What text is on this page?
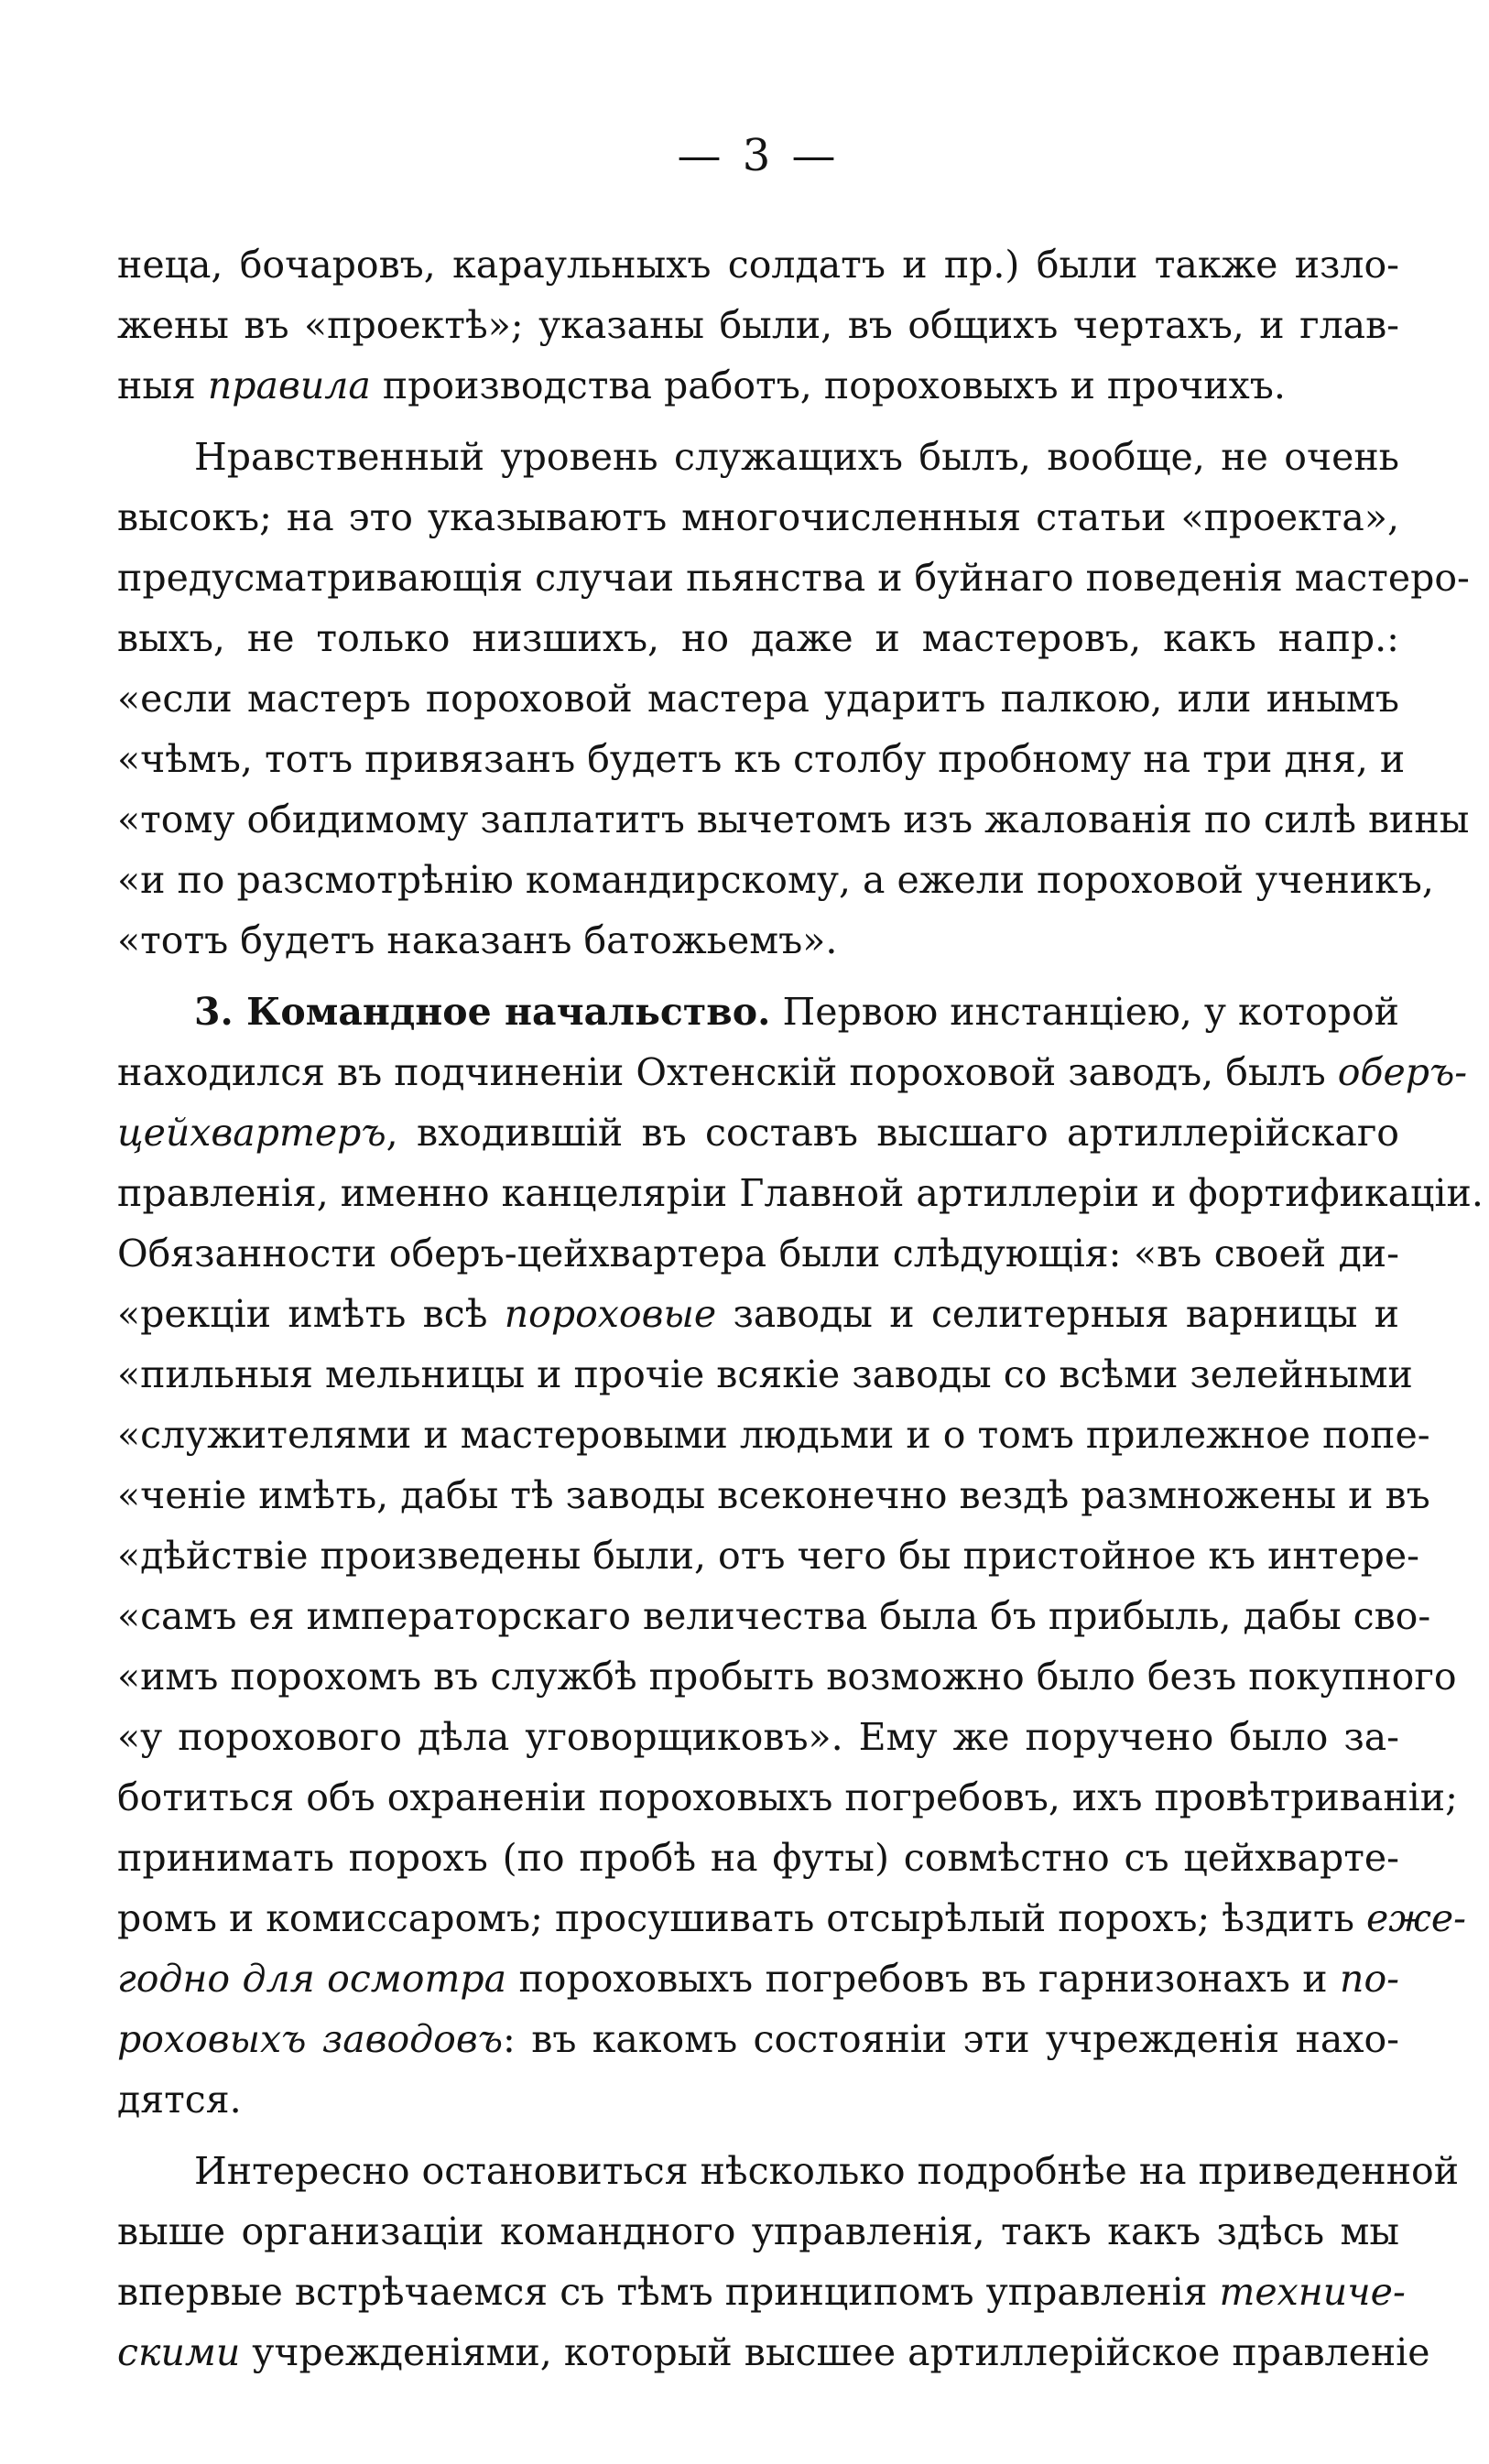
— 3 —
неца, бочаровъ, караульныхъ солдатъ и пр.) были также изло-
жены въ «проектѣ»; указаны были, въ общихъ чертахъ, и глав-
ныя правила производства работъ, пороховыхъ и прочихъ.
Нравственный уровень служащихъ былъ, вообще, не очень
высокъ; на это указываютъ многочисленныя статьи «проекта»,
предусматривающія случаи пьянства и буйнаго поведенія мастеро-
выхъ, не только низшихъ, но даже и мастеровъ, какъ напр.:
«если мастеръ пороховой мастера ударитъ палкою, или инымъ
«чѣмъ, тотъ привязанъ будетъ къ столбу пробному на три дня, и
«тому обидимому заплатитъ вычетомъ изъ жалованія по силѣ вины
«и по разсмотрѣнію командирскому, а ежели пороховой ученикъ,
«тотъ будетъ наказанъ батожьемъ».
3. Командное начальство. Первою инстанціею, у которой
находился въ подчиненіи Охтенскій пороховой заводъ, былъ оберъ-
цейхвартеръ, входившій въ составъ высшаго артиллерійскаго
правленія, именно канцеляріи Главной артиллеріи и фортификаціи.
Обязанности оберъ-цейхвартера были слѣдующія: «въ своей ди-
«рекціи имѣть всѣ пороховые заводы и селитерныя варницы и
«пильныя мельницы и прочіе всякіе заводы со всѣми зелейными
«служителями и мастеровыми людьми и о томъ прилежное попе-
«ченіе имѣть, дабы тѣ заводы всеконечно вездѣ размножены и въ
«дѣйствіе произведены были, отъ чего бы пристойное къ интере-
«самъ ея императорскаго величества была бъ прибыль, дабы сво-
«имъ порохомъ въ службѣ пробыть возможно было безъ покупного
«у порохового дѣла уговорщиковъ». Ему же поручено было за-
ботиться объ охраненіи пороховыхъ погребовъ, ихъ провѣтриваніи;
принимать порохъ (по пробѣ на футы) совмѣстно съ цейхварте-
ромъ и комиссаромъ; просушивать отсырѣлый порохъ; ѣздить еже-
годно для осмотра пороховыхъ погребовъ въ гарнизонахъ и по-
роховыхъ заводовъ: въ какомъ состояніи эти учрежденія нахо-
дятся.
Интересно остановиться нѣсколько подробнѣе на приведенной
выше организаціи командного управленія, такъ какъ здѣсь мы
впервые встрѣчаемся съ тѣмъ принципомъ управленія техниче-
скими учрежденіями, который высшее артиллерійское правленіе
